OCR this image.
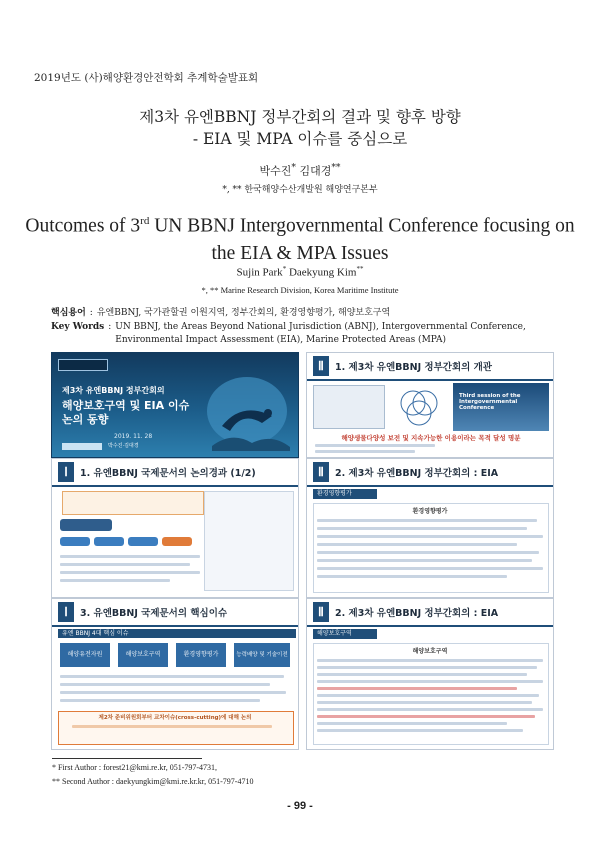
2019년도 (사)해양환경안전학회 추계학술발표회
제3차 유엔BBNJ 정부간회의 결과 및 향후 방향
- EIA 및 MPA 이슈를 중심으로
박수진* 김대경**
*, ** 한국해양수산개발원 해양연구본부
Outcomes of 3rd UN BBNJ Intergovernmental Conference focusing on
the EIA & MPA Issues
Sujin Park* Daekyung Kim**
*, ** Marine Research Division, Korea Maritime Institute
핵심용어 : 유엔BBNJ, 국가관할권 이원지역, 정부간회의, 환경영향평가, 해양보호구역
Key Words : UN BBNJ, the Areas Beyond National Jurisdiction (ABNJ), Intergovernmental Conference, Environmental Impact Assessment (EIA), Marine Protected Areas (MPA)
제3차 유엔BBNJ 정부간회의
해양보호구역 및 EIA 이슈
논의 동향
2019. 11. 28
박수진·김대경
Ⅱ	1. 제3차 유엔BBNJ 정부간회의 개관
Third session of the Intergovernmental Conference
해양생물다양성 보전 및 지속가능한 이용이라는 목적 달성 명분
Ⅰ	1. 유엔BBNJ 국제문서의 논의경과 (1/2)	Ⅱ	2. 제3차 유엔BBNJ 정부간회의 : EIA
환경영향평가
환경영향평가
Ⅰ	3. 유엔BBNJ 국제문서의 핵심이슈
유엔 BBNJ 4대 핵심 이슈
해양유전자원	해양보호구역	환경영향평가	능력배양 및 기술이전
제2차 준비위원회부터 교차이슈(cross-cutting)에 대해 논의
Ⅱ	2. 제3차 유엔BBNJ 정부간회의 : EIA
해양보호구역
해양보호구역
* First Author : forest21@kmi.re.kr, 051-797-4731,
** Second Author : daekyungkim@kmi.re.kr.kr, 051-797-4710
- 99 -
